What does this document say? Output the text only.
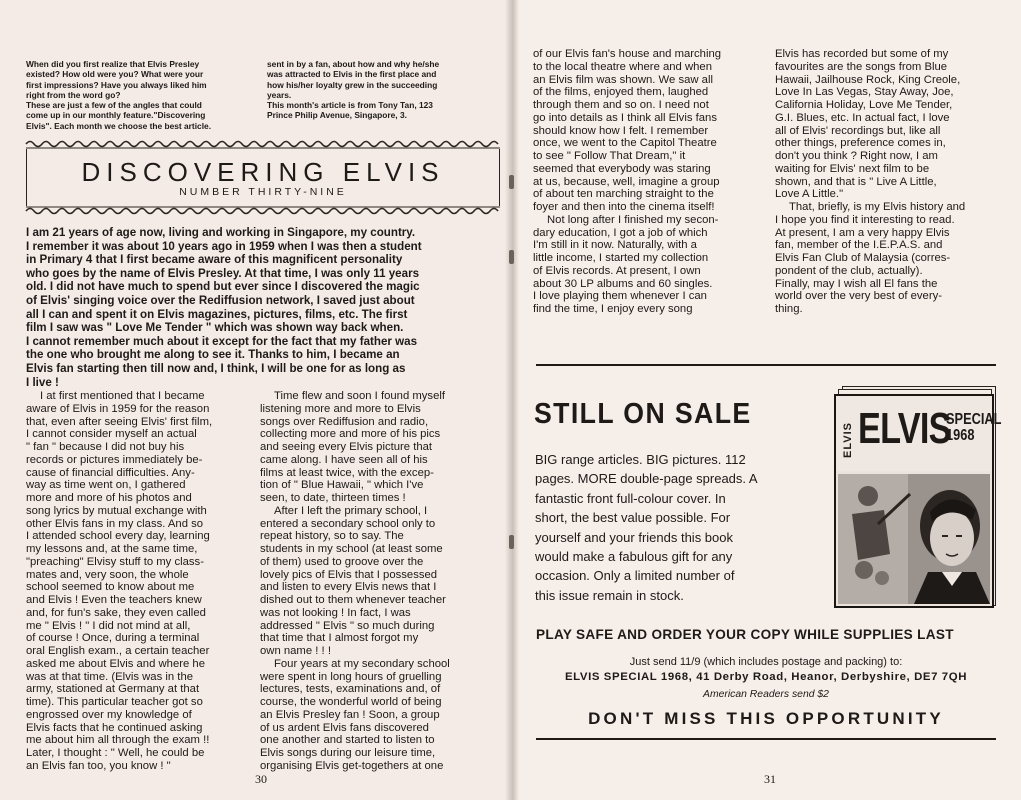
When did you first realize that Elvis Presley

existed? How old were you? What were your

first impressions? Have you always liked him

right from the word go?

These are just a few of the angles that could

come up in our monthly feature."Discovering

Elvis". Each month we choose the best article.

sent in by a fan, about how and why he/she

was attracted to Elvis in the first place and

how his/her loyalty grew in the succeeding

years.

This month's article is from Tony Tan, 123

Prince Philip Avenue, Singapore, 3.

DISCOVERING ELVIS
NUMBER THIRTY-NINE
I am 21 years of age now, living and working in Singapore, my country.
I remember it was about 10 years ago in 1959 when I was then a student
in Primary 4 that I first became aware of this magnificent personality
who goes by the name of Elvis Presley. At that time, I was only 11 years
old. I did not have much to spend but ever since I discovered the magic
of Elvis' singing voice over the Rediffusion network, I saved just about
all I can and spent it on Elvis magazines, pictures, films, etc. The first
film I saw was " Love Me Tender " which was shown way back when.
I cannot remember much about it except for the fact that my father was
the one who brought me along to see it. Thanks to him, I became an
Elvis fan starting then till now and, I think, I will be one for as long as
I live !
I at first mentioned that I became
aware of Elvis in 1959 for the reason
that, even after seeing Elvis' first film,
I cannot consider myself an actual
" fan " because I did not buy his
records or pictures immediately be-
cause of financial difficulties. Any-
way as time went on, I gathered
more and more of his photos and
song lyrics by mutual exchange with
other Elvis fans in my class. And so
I attended school every day, learning
my lessons and, at the same time,
"preaching" Elvisy stuff to my class-
mates and, very soon, the whole
school seemed to know about me
and Elvis ! Even the teachers knew
and, for fun's sake, they even called
me " Elvis ! " I did not mind at all,
of course ! Once, during a terminal
oral English exam., a certain teacher
asked me about Elvis and where he
was at that time. (Elvis was in the
army, stationed at Germany at that
time). This particular teacher got so
engrossed over my knowledge of
Elvis facts that he continued asking
me about him all through the exam !!
Later, I thought : " Well, he could be
an Elvis fan too, you know ! "
Time flew and soon I found myself
listening more and more to Elvis
songs over Rediffusion and radio,
collecting more and more of his pics
and seeing every Elvis picture that
came along. I have seen all of his
films at least twice, with the excep-
tion of " Blue Hawaii, " which I've
seen, to date, thirteen times !
After I left the primary school, I
entered a secondary school only to
repeat history, so to say. The
students in my school (at least some
of them) used to groove over the
lovely pics of Elvis that I possessed
and listen to every Elvis news that I
dished out to them whenever teacher
was not looking ! In fact, I was
addressed " Elvis " so much during
that time that I almost forgot my
own name ! ! !
Four years at my secondary school
were spent in long hours of gruelling
lectures, tests, examinations and, of
course, the wonderful world of being
an Elvis Presley fan ! Soon, a group
of us ardent Elvis fans discovered
one another and started to listen to
Elvis songs during our leisure time,
organising Elvis get-togethers at one
of our Elvis fan's house and marching
to the local theatre where and when
an Elvis film was shown. We saw all
of the films, enjoyed them, laughed
through them and so on. I need not
go into details as I think all Elvis fans
should know how I felt. I remember
once, we went to the Capitol Theatre
to see " Follow That Dream," it
seemed that everybody was staring
at us, because, well, imagine a group
of about ten marching straight to the
foyer and then into the cinema itself!
Not long after I finished my secon-
dary education, I got a job of which
I'm still in it now. Naturally, with a
little income, I started my collection
of Elvis records. At present, I own
about 30 LP albums and 60 singles.
I love playing them whenever I can
find the time, I enjoy every song
Elvis has recorded but some of my
favourites are the songs from Blue
Hawaii, Jailhouse Rock, King Creole,
Love In Las Vegas, Stay Away, Joe,
California Holiday, Love Me Tender,
G.I. Blues, etc. In actual fact, I love
all of Elvis' recordings but, like all
other things, preference comes in,
don't you think ? Right now, I am
waiting for Elvis' next film to be
shown, and that is " Live A Little,
Love A Little."
That, briefly, is my Elvis history and
I hope you find it interesting to read.
At present, I am a very happy Elvis
fan, member of the I.E.P.A.S. and
Elvis Fan Club of Malaysia (corres-
pondent of the club, actually).
Finally, may I wish all El fans the
world over the very best of every-
thing.
30	31
STILL ON SALE
BIG range articles. BIG pictures. 112
pages. MORE double-page spreads. A
fantastic front full-colour cover. In
short, the best value possible. For
yourself and your friends this book
would make a fabulous gift for any
occasion. Only a limited number of
this issue remain in stock.
ELVIS ELVIS
SPECIAL
1968
PLAY SAFE AND ORDER YOUR COPY WHILE SUPPLIES LAST
Just send 11/9 (which includes postage and packing) to:
ELVIS SPECIAL 1968, 41 Derby Road, Heanor, Derbyshire, DE7 7QH
American Readers send $2
DON'T MISS THIS OPPORTUNITY
